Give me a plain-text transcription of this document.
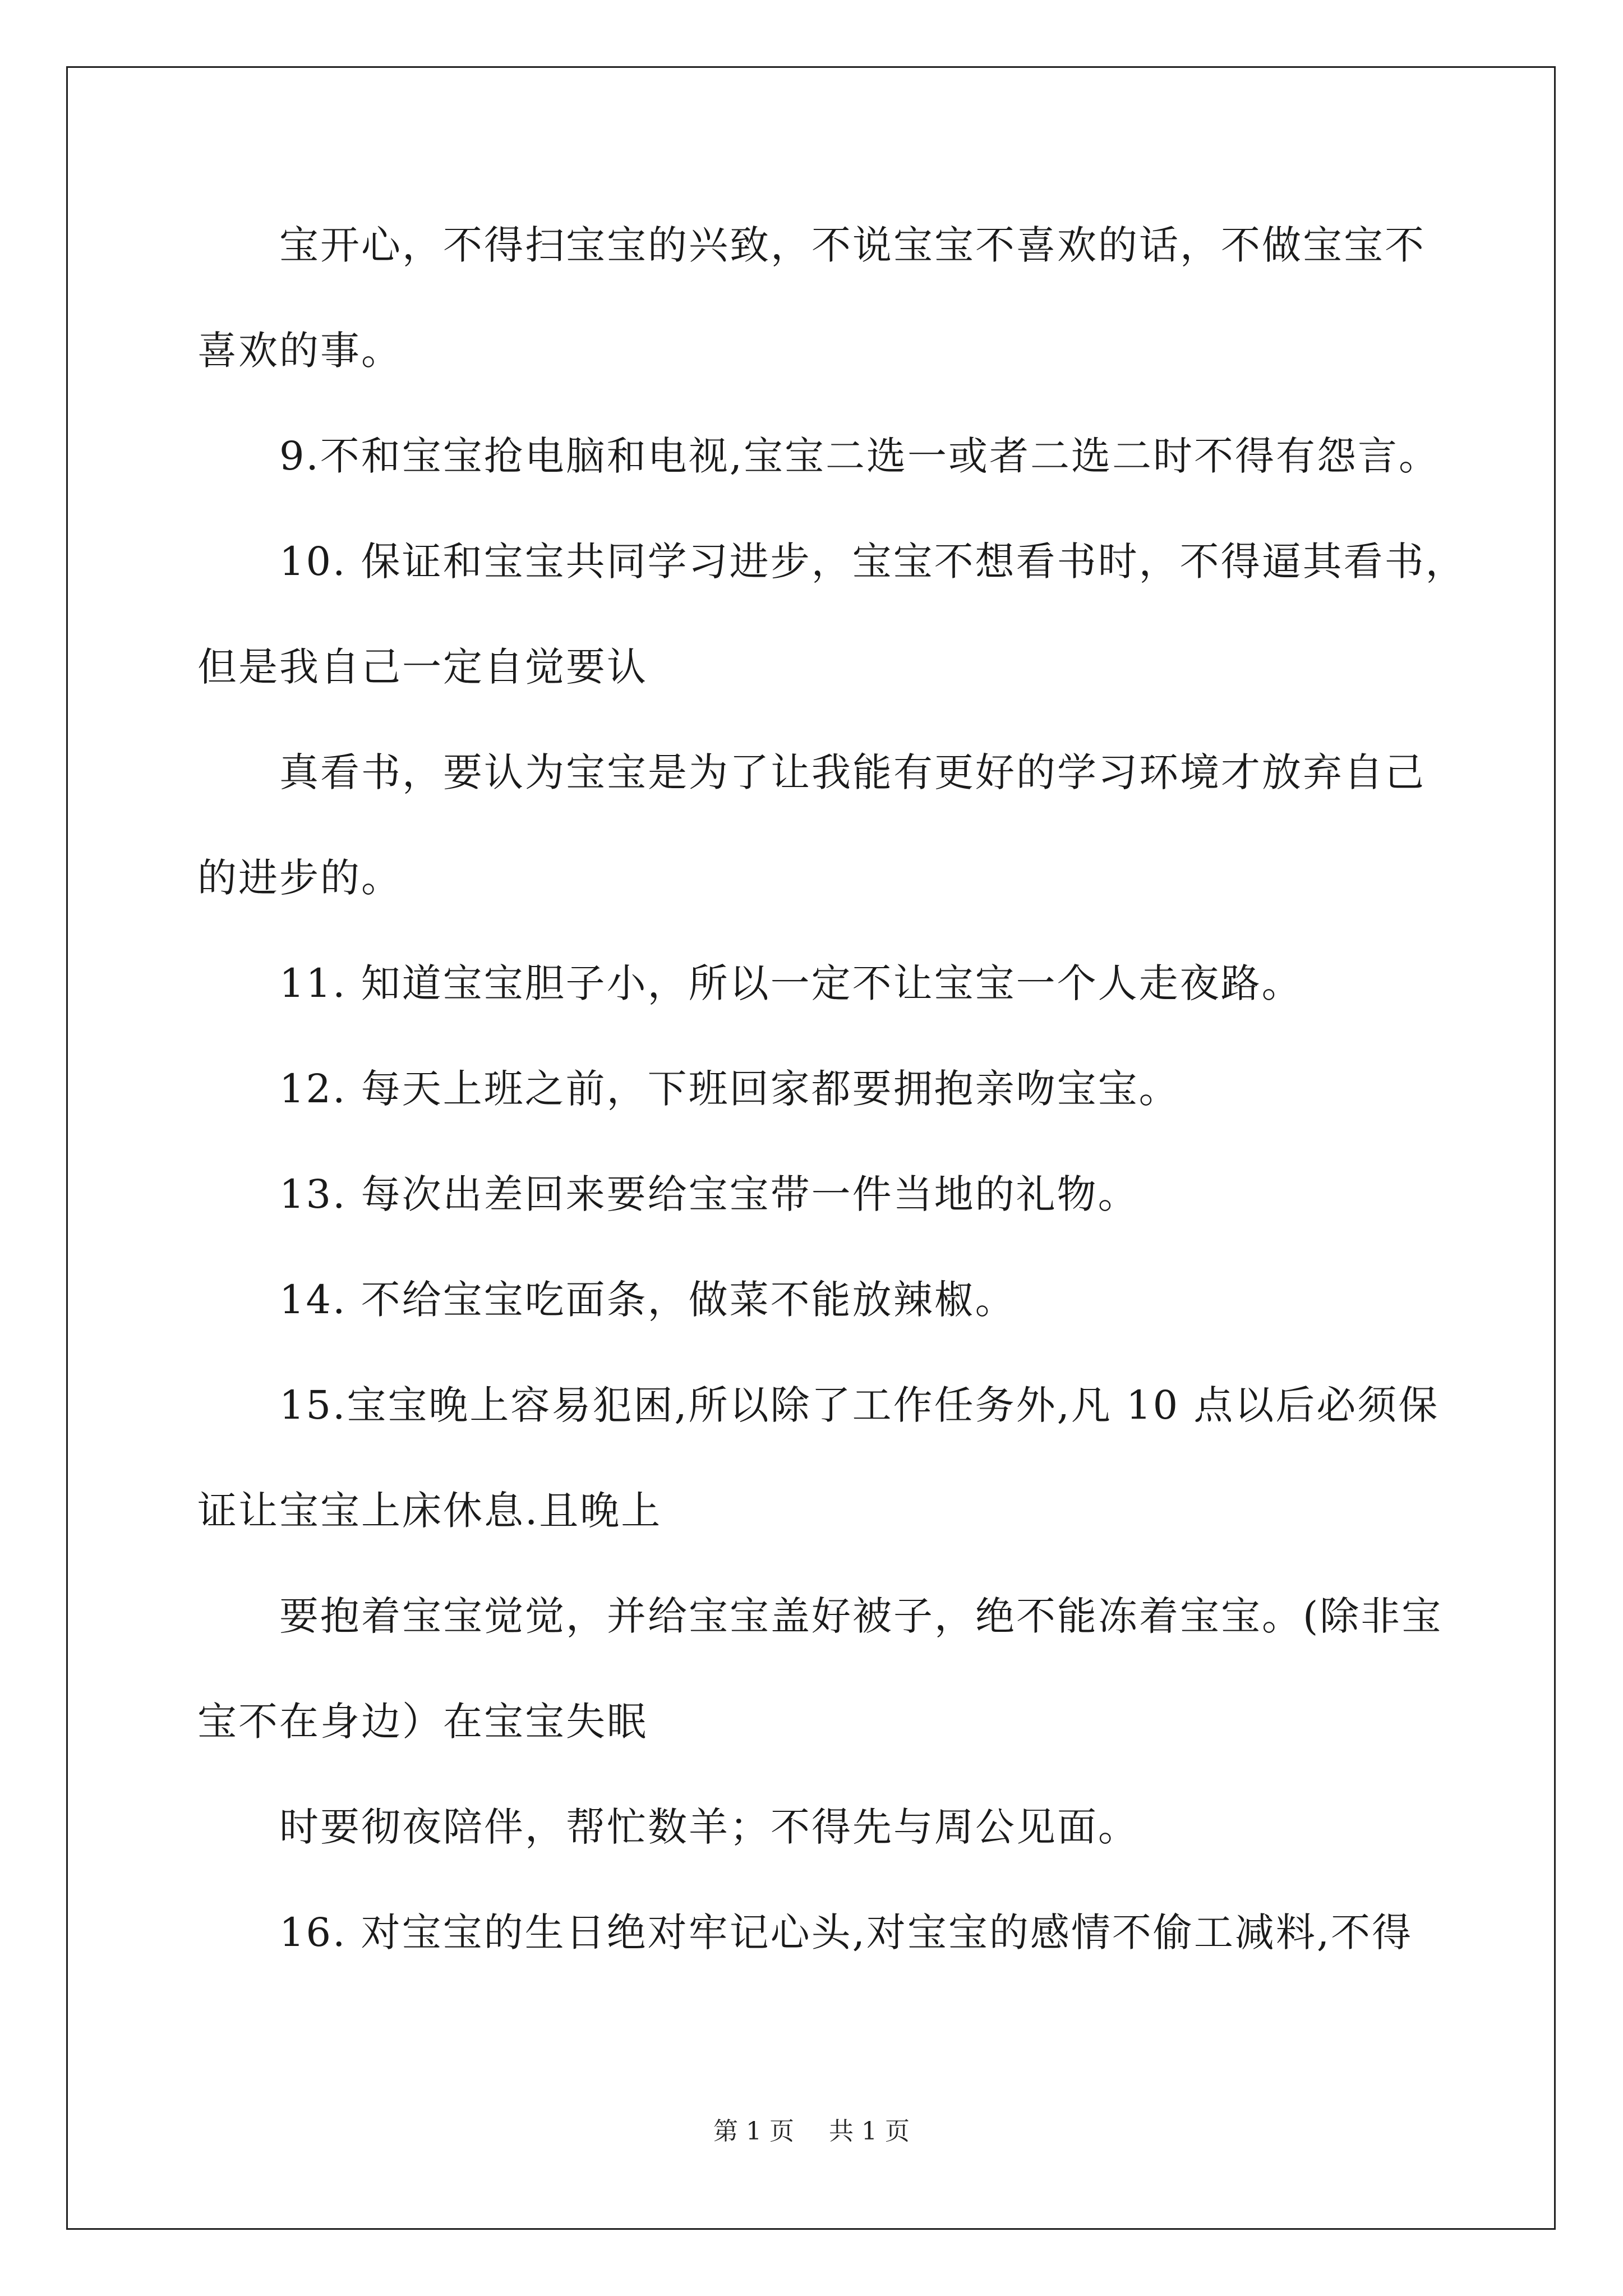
　　宝开心，不得扫宝宝的兴致，不说宝宝不喜欢的话，不做宝宝不
喜欢的事。
　　9.不和宝宝抢电脑和电视,宝宝二选一或者二选二时不得有怨言。
　　10. 保证和宝宝共同学习进步，宝宝不想看书时，不得逼其看书，
但是我自己一定自觉要认
　　真看书，要认为宝宝是为了让我能有更好的学习环境才放弃自己
的进步的。
　　11. 知道宝宝胆子小，所以一定不让宝宝一个人走夜路。
　　12. 每天上班之前，下班回家都要拥抱亲吻宝宝。
　　13. 每次出差回来要给宝宝带一件当地的礼物。
　　14. 不给宝宝吃面条，做菜不能放辣椒。
　　15.宝宝晚上容易犯困,所以除了工作任务外,凡 10 点以后必须保
证让宝宝上床休息.且晚上
　　要抱着宝宝觉觉，并给宝宝盖好被子，绝不能冻着宝宝。(除非宝
宝不在身边）在宝宝失眠
　　时要彻夜陪伴，帮忙数羊；不得先与周公见面。
　　16. 对宝宝的生日绝对牢记心头,对宝宝的感情不偷工减料,不得
第 1 页 共 1 页
